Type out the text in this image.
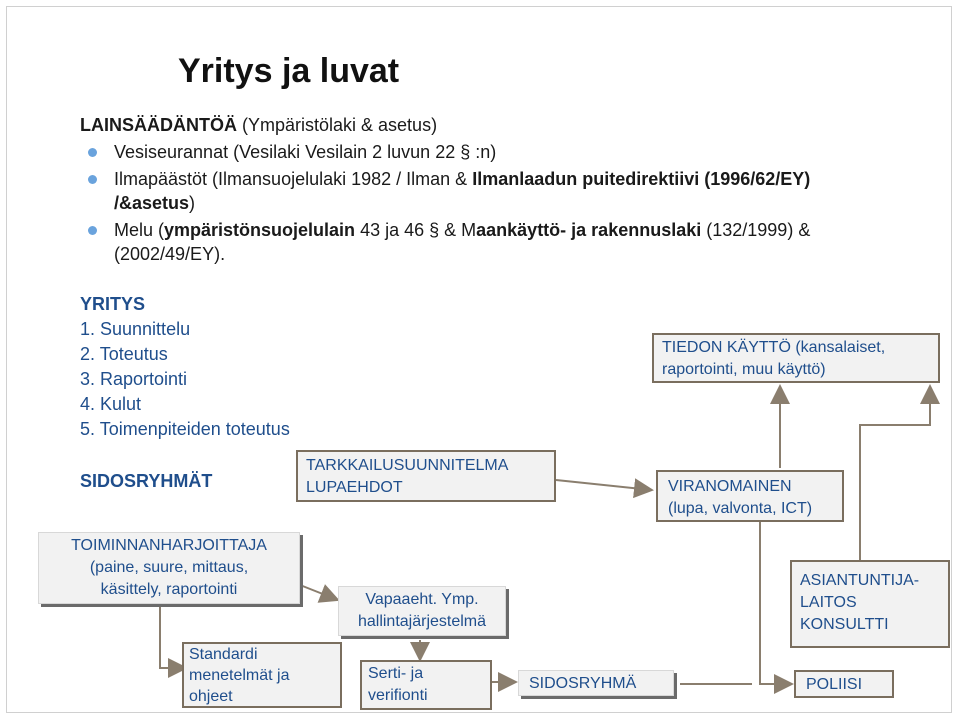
Yritys ja luvat
LAINSÄÄDÄNTÖÄ (Ympäristölaki & asetus)
Vesiseurannat (Vesilaki Vesilain 2 luvun 22 § :n)
Ilmapäästöt (Ilmansuojelulaki 1982 / Ilman & Ilmanlaadun puitedirektiivi (1996/62/EY) /&asetus)
Melu (ympäristönsuojelulain 43 ja 46 § & Maankäyttö- ja rakennuslaki (132/1999) & (2002/49/EY).
YRITYS
1. Suunnittelu
2. Toteutus
3. Raportointi
4. Kulut
5. Toimenpiteiden toteutus
SIDOSRYHMÄT
TARKKAILUSUUNNITELMA
LUPAEHDOT
TOIMINNANHARJOITTAJA
(paine, suure, mittaus,
käsittely, raportointi
Standardi
menetelmät ja
ohjeet
Vapaaeht. Ymp.
hallintajärjestelmä
Serti- ja
verifionti
SIDOSRYHMÄ
TIEDON KÄYTTÖ (kansalaiset,
raportointi, muu käyttö)
VIRANOMAINEN
(lupa, valvonta, ICT)
ASIANTUNTIJA-
LAITOS
KONSULTTI
POLIISI
